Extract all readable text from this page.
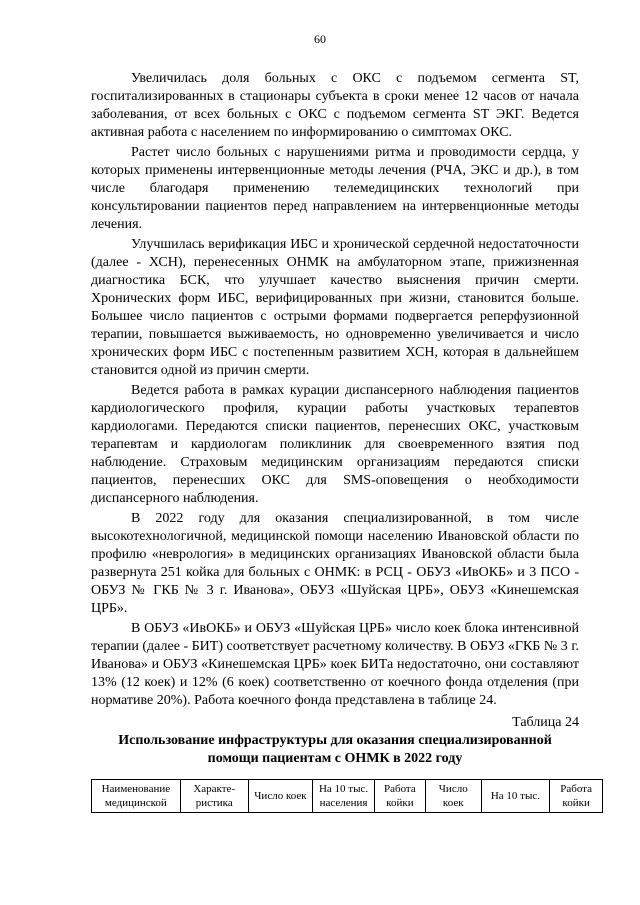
60

Увеличилась доля больных с ОКС с подъемом сегмента ST, госпитализированных в стационары субъекта в сроки менее 12 часов от начала заболевания, от всех больных с ОКС с подъемом сегмента ST ЭКГ. Ведется активная работа с населением по информированию о симптомах ОКС.

Растет число больных с нарушениями ритма и проводимости сердца, у которых применены интервенционные методы лечения (РЧА, ЭКС и др.), в том числе благодаря применению телемедицинских технологий при консультировании пациентов перед направлением на интервенционные методы лечения.

Улучшилась верификация ИБС и хронической сердечной недостаточности (далее - ХСН), перенесенных ОНМК на амбулаторном этапе, прижизненная диагностика БСК, что улучшает качество выяснения причин смерти. Хронических форм ИБС, верифицированных при жизни, становится больше. Большее число пациентов с острыми формами подвергается реперфузионной терапии, повышается выживаемость, но одновременно увеличивается и число хронических форм ИБС с постепенным развитием ХСН, которая в дальнейшем становится одной из причин смерти.

Ведется работа в рамках курации диспансерного наблюдения пациентов кардиологического профиля, курации работы участковых терапевтов кардиологами. Передаются списки пациентов, перенесших ОКС, участковым терапевтам и кардиологам поликлиник для своевременного взятия под наблюдение. Страховым медицинским организациям передаются списки пациентов, перенесших ОКС для SMS-оповещения о необходимости диспансерного наблюдения.

В 2022 году для оказания специализированной, в том числе высокотехнологичной, медицинской помощи населению Ивановской области по профилю «неврология» в медицинских организациях Ивановской области была развернута 251 койка для больных с ОНМК: в РСЦ - ОБУЗ «ИвОКБ» и 3 ПСО - ОБУЗ № ГКБ № 3 г. Иванова», ОБУЗ «Шуйская ЦРБ», ОБУЗ «Кинешемская ЦРБ».

В ОБУЗ «ИвОКБ» и ОБУЗ «Шуйская ЦРБ» число коек блока интенсивной терапии (далее - БИТ) соответствует расчетному количеству. В ОБУЗ «ГКБ № 3 г. Иванова» и ОБУЗ «Кинешемская ЦРБ» коек БИТа недостаточно, они составляют 13% (12 коек) и 12% (6 коек) соответственно от коечного фонда отделения (при нормативе 20%). Работа коечного фонда представлена в таблице 24.

Таблица 24

Использование инфраструктуры для оказания специализированной
помощи пациентам с ОНМК в 2022 году
Наименование медицинской	Характе-ристика	Число коек	На 10 тыс. населения	Работа койки	Число коек	На 10 тыс.	Работа койки
